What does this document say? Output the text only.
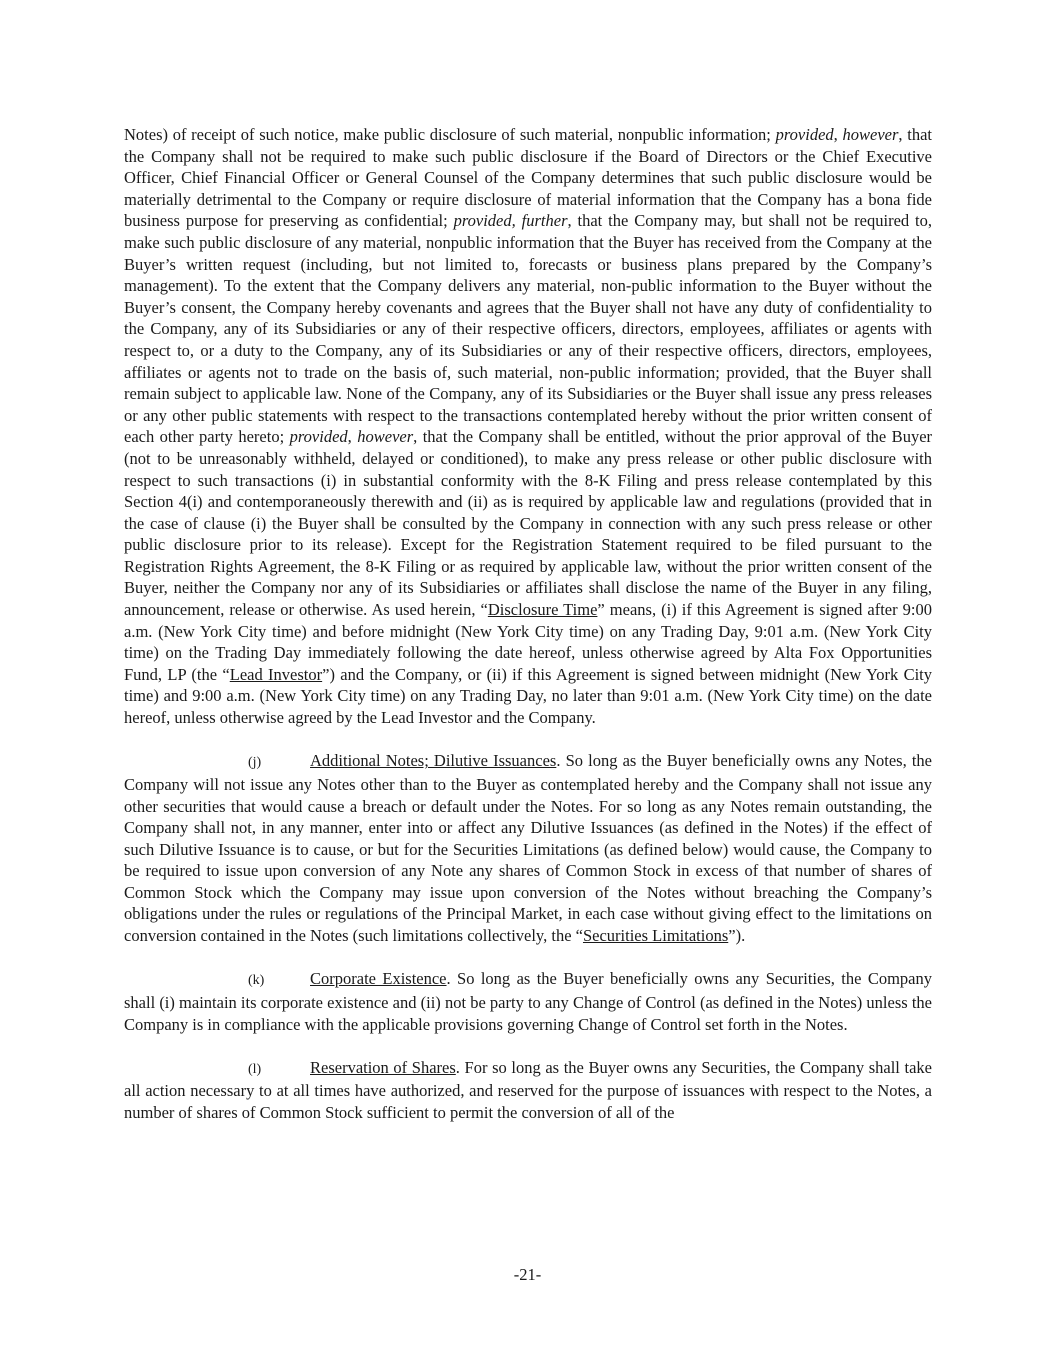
Notes) of receipt of such notice, make public disclosure of such material, nonpublic information; provided, however, that the Company shall not be required to make such public disclosure if the Board of Directors or the Chief Executive Officer, Chief Financial Officer or General Counsel of the Company determines that such public disclosure would be materially detrimental to the Company or require disclosure of material information that the Company has a bona fide business purpose for preserving as confidential; provided, further, that the Company may, but shall not be required to, make such public disclosure of any material, nonpublic information that the Buyer has received from the Company at the Buyer’s written request (including, but not limited to, forecasts or business plans prepared by the Company’s management). To the extent that the Company delivers any material, non-public information to the Buyer without the Buyer’s consent, the Company hereby covenants and agrees that the Buyer shall not have any duty of confidentiality to the Company, any of its Subsidiaries or any of their respective officers, directors, employees, affiliates or agents with respect to, or a duty to the Company, any of its Subsidiaries or any of their respective officers, directors, employees, affiliates or agents not to trade on the basis of, such material, non-public information; provided, that the Buyer shall remain subject to applicable law. None of the Company, any of its Subsidiaries or the Buyer shall issue any press releases or any other public statements with respect to the transactions contemplated hereby without the prior written consent of each other party hereto; provided, however, that the Company shall be entitled, without the prior approval of the Buyer (not to be unreasonably withheld, delayed or conditioned), to make any press release or other public disclosure with respect to such transactions (i) in substantial conformity with the 8-K Filing and press release contemplated by this Section 4(i) and contemporaneously therewith and (ii) as is required by applicable law and regulations (provided that in the case of clause (i) the Buyer shall be consulted by the Company in connection with any such press release or other public disclosure prior to its release). Except for the Registration Statement required to be filed pursuant to the Registration Rights Agreement, the 8-K Filing or as required by applicable law, without the prior written consent of the Buyer, neither the Company nor any of its Subsidiaries or affiliates shall disclose the name of the Buyer in any filing, announcement, release or otherwise. As used herein, “Disclosure Time” means, (i) if this Agreement is signed after 9:00 a.m. (New York City time) and before midnight (New York City time) on any Trading Day, 9:01 a.m. (New York City time) on the Trading Day immediately following the date hereof, unless otherwise agreed by Alta Fox Opportunities Fund, LP (the “Lead Investor”) and the Company, or (ii) if this Agreement is signed between midnight (New York City time) and 9:00 a.m. (New York City time) on any Trading Day, no later than 9:01 a.m. (New York City time) on the date hereof, unless otherwise agreed by the Lead Investor and the Company.

(j)	Additional Notes; Dilutive Issuances. So long as the Buyer beneficially owns any Notes, the Company will not issue any Notes other than to the Buyer as contemplated hereby and the Company shall not issue any other securities that would cause a breach or default under the Notes. For so long as any Notes remain outstanding, the Company shall not, in any manner, enter into or affect any Dilutive Issuances (as defined in the Notes) if the effect of such Dilutive Issuance is to cause, or but for the Securities Limitations (as defined below) would cause, the Company to be required to issue upon conversion of any Note any shares of Common Stock in excess of that number of shares of Common Stock which the Company may issue upon conversion of the Notes without breaching the Company’s obligations under the rules or regulations of the Principal Market, in each case without giving effect to the limitations on conversion contained in the Notes (such limitations collectively, the “Securities Limitations”).

(k)	Corporate Existence. So long as the Buyer beneficially owns any Securities, the Company shall (i) maintain its corporate existence and (ii) not be party to any Change of Control (as defined in the Notes) unless the Company is in compliance with the applicable provisions governing Change of Control set forth in the Notes.

(l)	Reservation of Shares. For so long as the Buyer owns any Securities, the Company shall take all action necessary to at all times have authorized, and reserved for the purpose of issuances with respect to the Notes, a number of shares of Common Stock sufficient to permit the conversion of all of the

-21-
